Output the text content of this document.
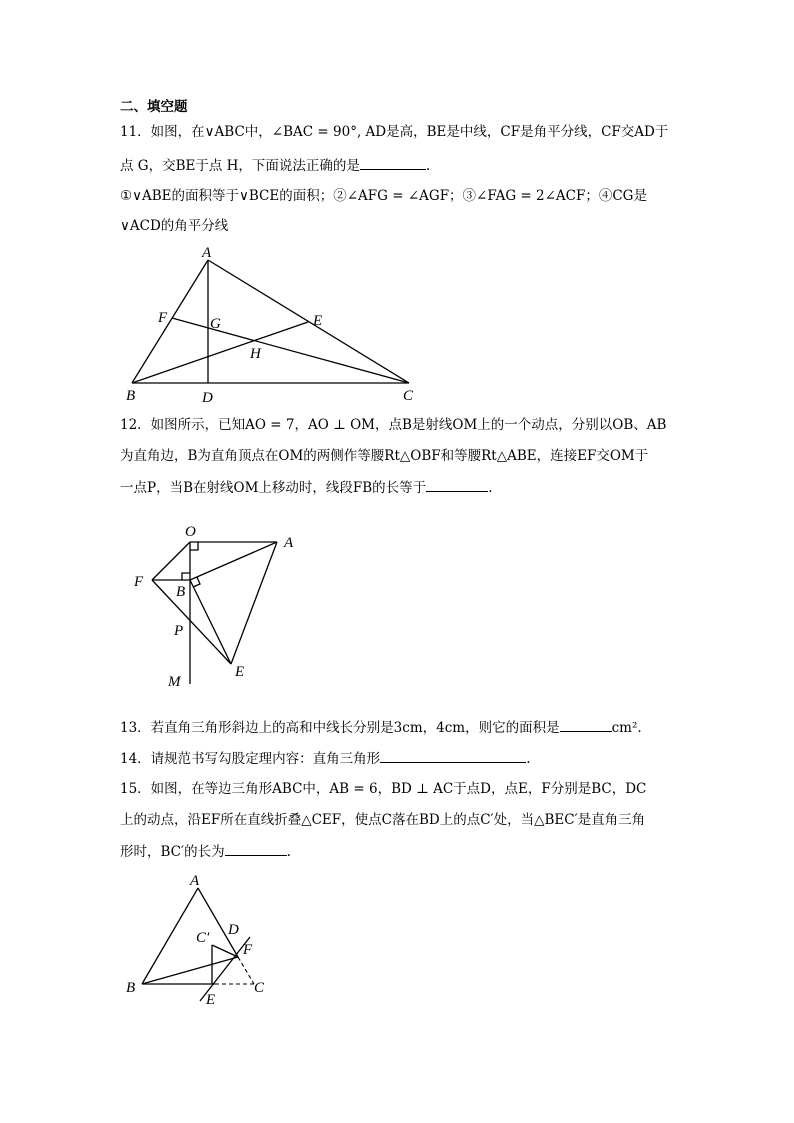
二、填空题
11．如图，在∨ABC中，∠BAC = 90°, AD是高，BE是中线，CF是角平分线，CF交AD于
点 G，交BE于点 H，下面说法正确的是	.
①∨ABE的面积等于∨BCE的面积；②∠AFG = ∠AGF；③∠FAG = 2∠ACF；④CG是
∨ACD的角平分线
A
F	G	E
H
B	D	C
12．如图所示，已知AO = 7，AO ⊥ OM，点B是射线OM上的一个动点，分别以OB、AB
为直角边，B为直角顶点在OM的两侧作等腰Rt△OBF和等腰Rt△ABE，连接EF交OM于
一点P，当B在射线OM上移动时，线段FB的长等于	.
O
A
F
B
P
E
M
13．若直角三角形斜边上的高和中线长分别是3cm，4cm，则它的面积是	cm².
14．请规范书写勾股定理内容：直角三角形	.
15．如图，在等边三角形ABC中，AB = 6，BD ⊥ AC于点D，点E，F分别是BC，DC
上的动点，沿EF所在直线折叠△CEF，使点C落在BD上的点C′处，当△BEC′是直角三角
形时，BC′的长为	.
A
C′ D
F
B	C
E
